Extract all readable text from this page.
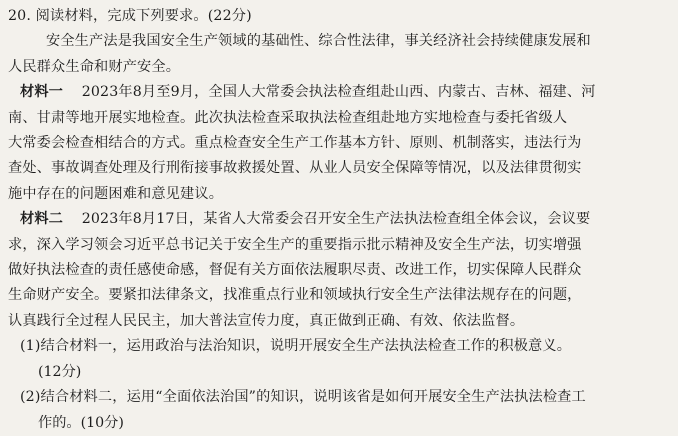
20. 阅读材料，完成下列要求。(22分)
安全生产法是我国安全生产领域的基础性、综合性法律，事关经济社会持续健康发展和
人民群众生命和财产安全。
材料一 2023年8月至9月，全国人大常委会执法检查组赴山西、内蒙古、吉林、福建、河
南、甘肃等地开展实地检查。此次执法检查采取执法检查组赴地方实地检查与委托省级人
大常委会检查相结合的方式。重点检查安全生产工作基本方针、原则、机制落实，违法行为
查处、事故调查处理及行刑衔接事故救援处置、从业人员安全保障等情况，以及法律贯彻实
施中存在的问题困难和意见建议。
材料二 2023年8月17日，某省人大常委会召开安全生产法执法检查组全体会议，会议要
求，深入学习领会习近平总书记关于安全生产的重要指示批示精神及安全生产法，切实增强
做好执法检查的责任感使命感，督促有关方面依法履职尽责、改进工作，切实保障人民群众
生命财产安全。要紧扣法律条文，找准重点行业和领域执行安全生产法律法规存在的问题，
认真践行全过程人民民主，加大普法宣传力度，真正做到正确、有效、依法监督。
(1)结合材料一，运用政治与法治知识，说明开展安全生产法执法检查工作的积极意义。
(12分)
(2)结合材料二，运用“全面依法治国”的知识，说明该省是如何开展安全生产法执法检查工
作的。(10分)
